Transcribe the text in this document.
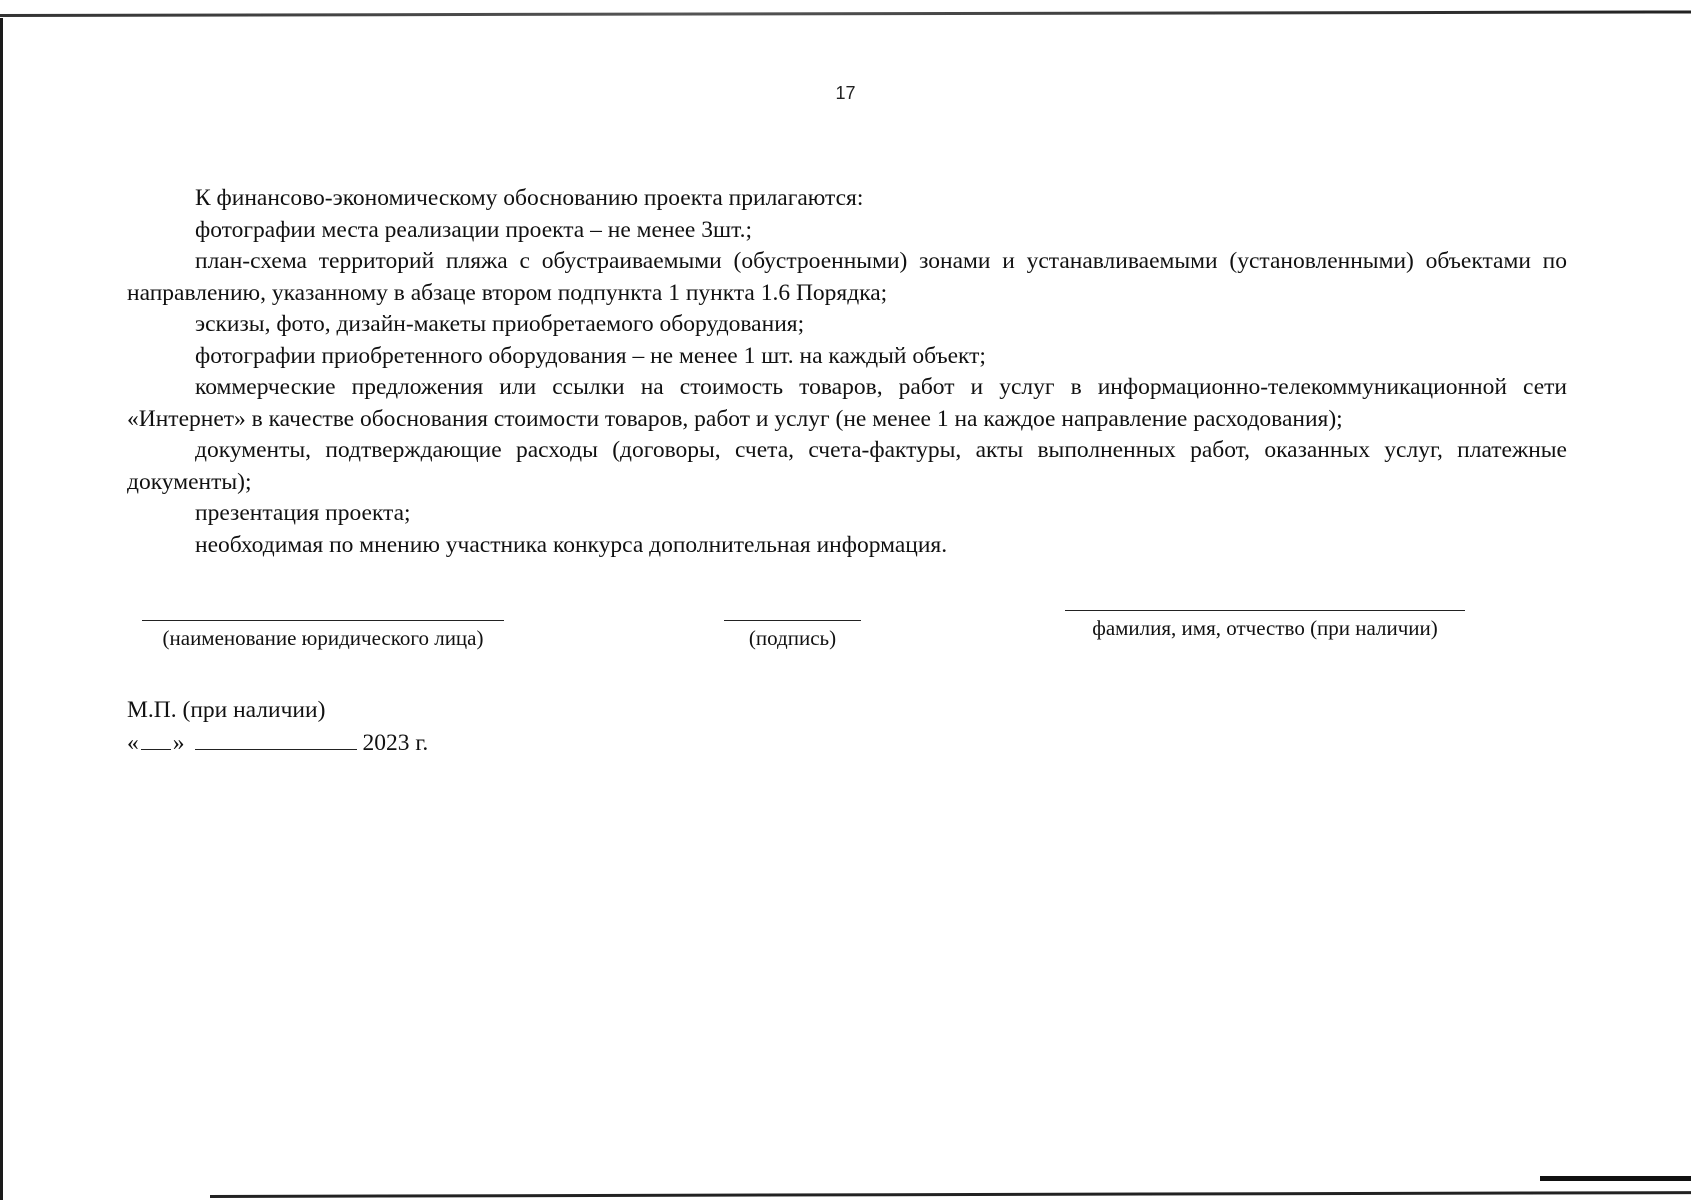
17

К финансово-экономическому обоснованию проекта прилагаются:

фотографии места реализации проекта – не менее 3шт.;

план-схема территорий пляжа с обустраиваемыми (обустроенными) зонами и устанавливаемыми (установленными) объектами по направлению, указанному в абзаце втором подпункта 1 пункта 1.6 Порядка;

эскизы, фото, дизайн-макеты приобретаемого оборудования;

фотографии приобретенного оборудования – не менее 1 шт. на каждый объект;

коммерческие предложения или ссылки на стоимость товаров, работ и услуг в информационно-телекоммуникационной сети «Интернет» в качестве обоснования стоимости товаров, работ и услуг (не менее 1 на каждое направление расходования);

документы, подтверждающие расходы (договоры, счета, счета-фактуры, акты выполненных работ, оказанных услуг, платежные документы);

презентация проекта;

необходимая по мнению участника конкурса дополнительная информация.

(наименование юридического лица)	(подпись)	фамилия, имя, отчество (при наличии)
М.П. (при наличии)
« »	2023 г.
